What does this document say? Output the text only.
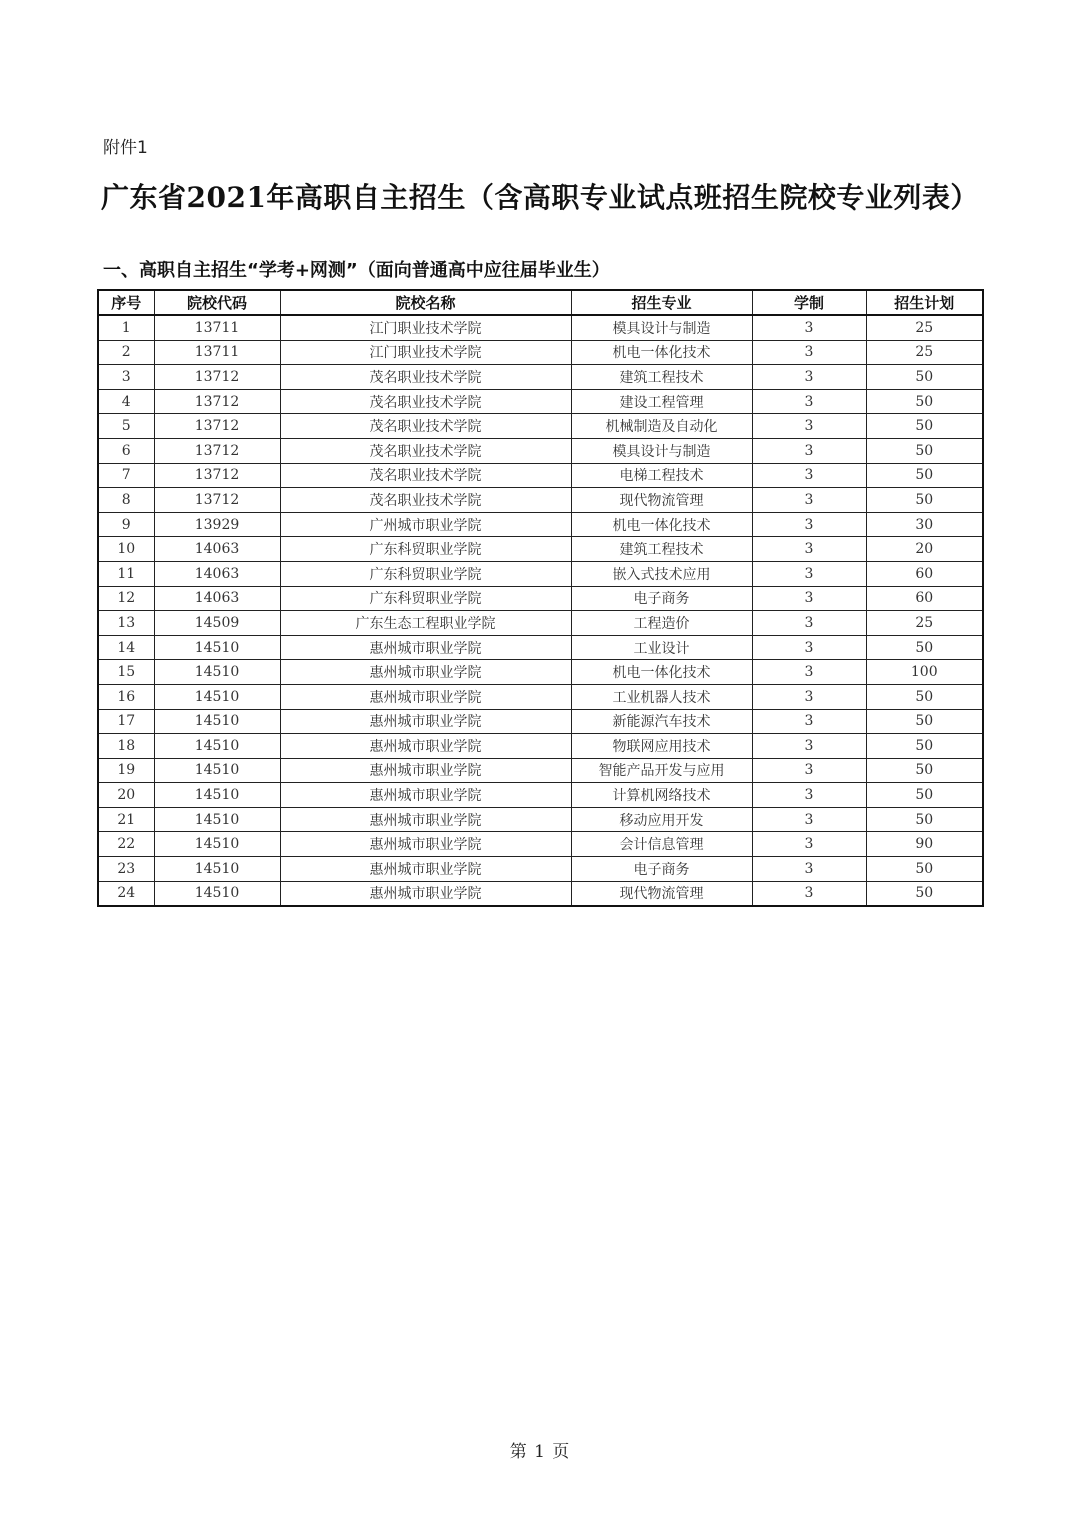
附件1
广东省2021年高职自主招生（含高职专业试点班招生院校专业列表）
一、高职自主招生“学考+网测”（面向普通高中应往届毕业生）
序号	院校代码	院校名称	招生专业	学制	招生计划
1	13711	江门职业技术学院	模具设计与制造	3	25
2	13711	江门职业技术学院	机电一体化技术	3	25
3	13712	茂名职业技术学院	建筑工程技术	3	50
4	13712	茂名职业技术学院	建设工程管理	3	50
5	13712	茂名职业技术学院	机械制造及自动化	3	50
6	13712	茂名职业技术学院	模具设计与制造	3	50
7	13712	茂名职业技术学院	电梯工程技术	3	50
8	13712	茂名职业技术学院	现代物流管理	3	50
9	13929	广州城市职业学院	机电一体化技术	3	30
10	14063	广东科贸职业学院	建筑工程技术	3	20
11	14063	广东科贸职业学院	嵌入式技术应用	3	60
12	14063	广东科贸职业学院	电子商务	3	60
13	14509	广东生态工程职业学院	工程造价	3	25
14	14510	惠州城市职业学院	工业设计	3	50
15	14510	惠州城市职业学院	机电一体化技术	3	100
16	14510	惠州城市职业学院	工业机器人技术	3	50
17	14510	惠州城市职业学院	新能源汽车技术	3	50
18	14510	惠州城市职业学院	物联网应用技术	3	50
19	14510	惠州城市职业学院	智能产品开发与应用	3	50
20	14510	惠州城市职业学院	计算机网络技术	3	50
21	14510	惠州城市职业学院	移动应用开发	3	50
22	14510	惠州城市职业学院	会计信息管理	3	90
23	14510	惠州城市职业学院	电子商务	3	50
24	14510	惠州城市职业学院	现代物流管理	3	50
第 1 页
